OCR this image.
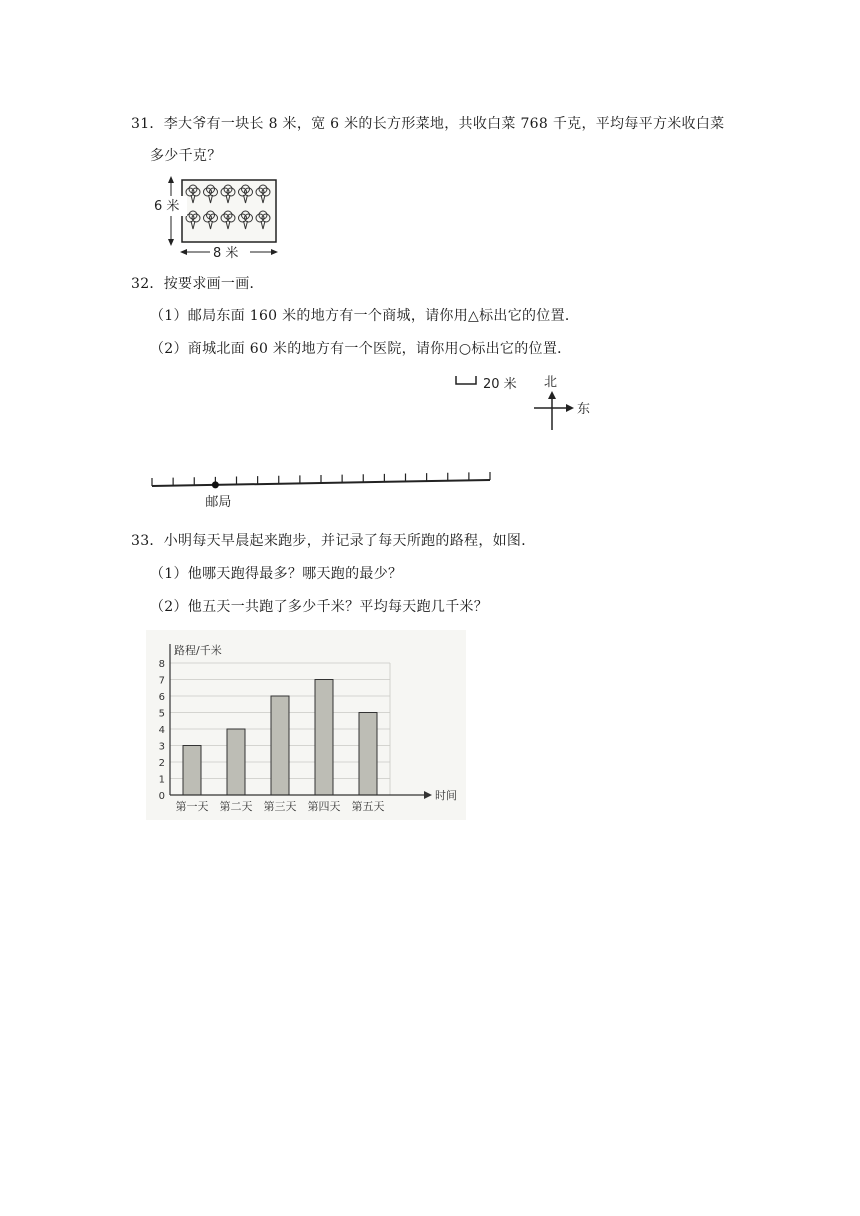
31．李大爷有一块长 8 米，宽 6 米的长方形菜地，共收白菜 768 千克，平均每平方米收白菜
多少千克？
6 米
8 米
32．按要求画一画．
（1）邮局东面 160 米的地方有一个商城，请你用△标出它的位置．
（2）商城北面 60 米的地方有一个医院，请你用○标出它的位置．
20 米 北
东
邮局
33．小明每天早晨起来跑步，并记录了每天所跑的路程，如图．
（1）他哪天跑得最多？哪天跑的最少？
（2）他五天一共跑了多少千米？平均每天跑几千米？
0
1
2
3
4
5
6
7
8
第一天 第二天 第三天 第四天 第五天
路程/千米
时间
